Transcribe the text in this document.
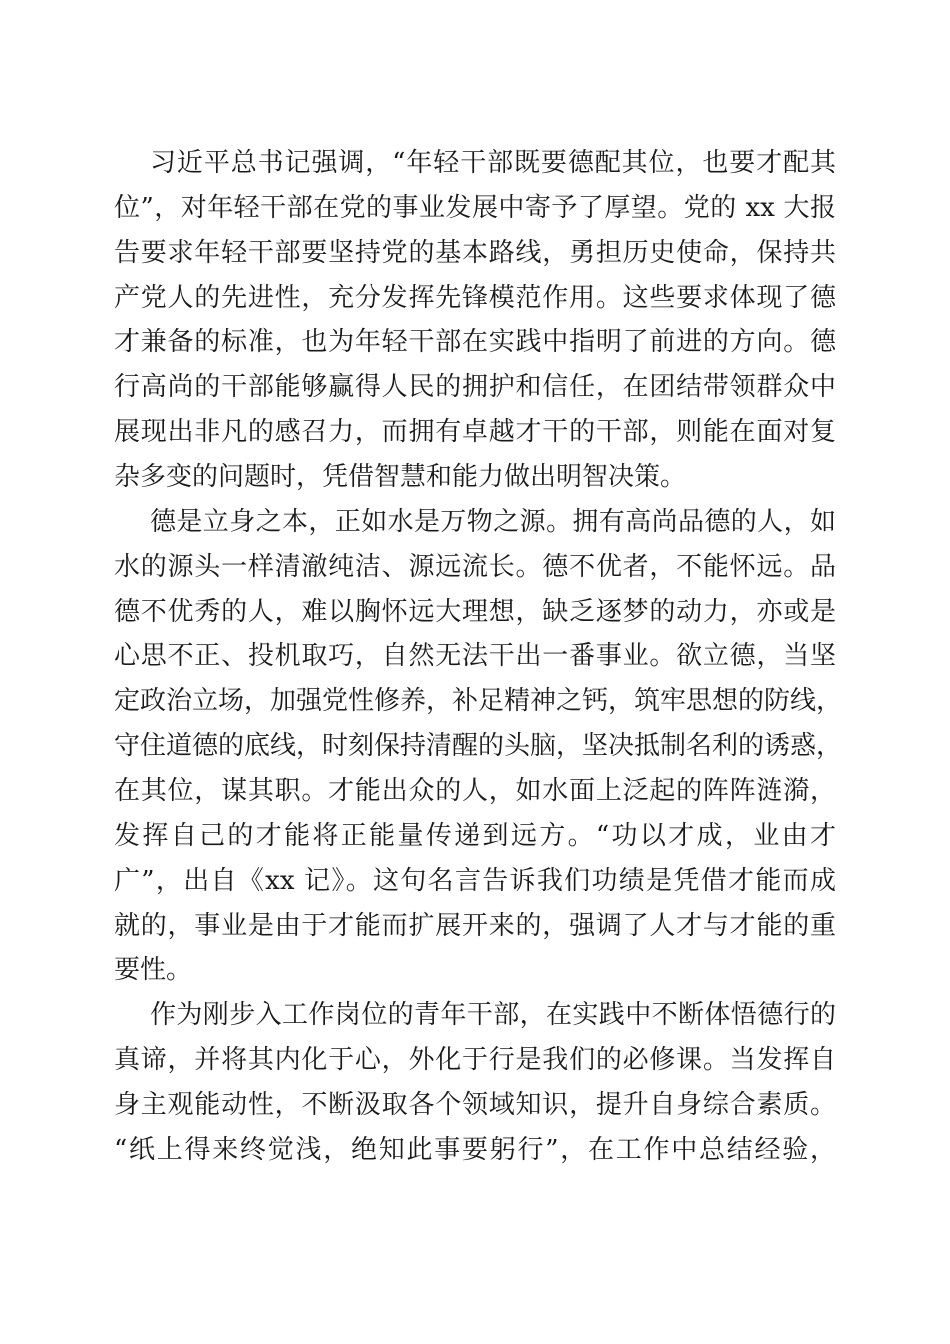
习近平总书记强调，“年轻干部既要德配其位，也要才配其
位”，对年轻干部在党的事业发展中寄予了厚望。党的 xx 大报
告要求年轻干部要坚持党的基本路线，勇担历史使命，保持共
产党人的先进性，充分发挥先锋模范作用。这些要求体现了德
才兼备的标准，也为年轻干部在实践中指明了前进的方向。德
行高尚的干部能够赢得人民的拥护和信任，在团结带领群众中
展现出非凡的感召力，而拥有卓越才干的干部，则能在面对复
杂多变的问题时，凭借智慧和能力做出明智决策。
德是立身之本，正如水是万物之源。拥有高尚品德的人，如
水的源头一样清澈纯洁、源远流长。德不优者，不能怀远。品
德不优秀的人，难以胸怀远大理想，缺乏逐梦的动力，亦或是
心思不正、投机取巧，自然无法干出一番事业。欲立德，当坚
定政治立场，加强党性修养，补足精神之钙，筑牢思想的防线，
守住道德的底线，时刻保持清醒的头脑，坚决抵制名利的诱惑，
在其位，谋其职。才能出众的人，如水面上泛起的阵阵涟漪，
发挥自己的才能将正能量传递到远方。“功以才成，业由才
广”，出自《xx 记》。这句名言告诉我们功绩是凭借才能而成
就的，事业是由于才能而扩展开来的，强调了人才与才能的重
要性。
作为刚步入工作岗位的青年干部，在实践中不断体悟德行的
真谛，并将其内化于心，外化于行是我们的必修课。当发挥自
身主观能动性，不断汲取各个领域知识，提升自身综合素质。
“纸上得来终觉浅，绝知此事要躬行”，在工作中总结经验，
